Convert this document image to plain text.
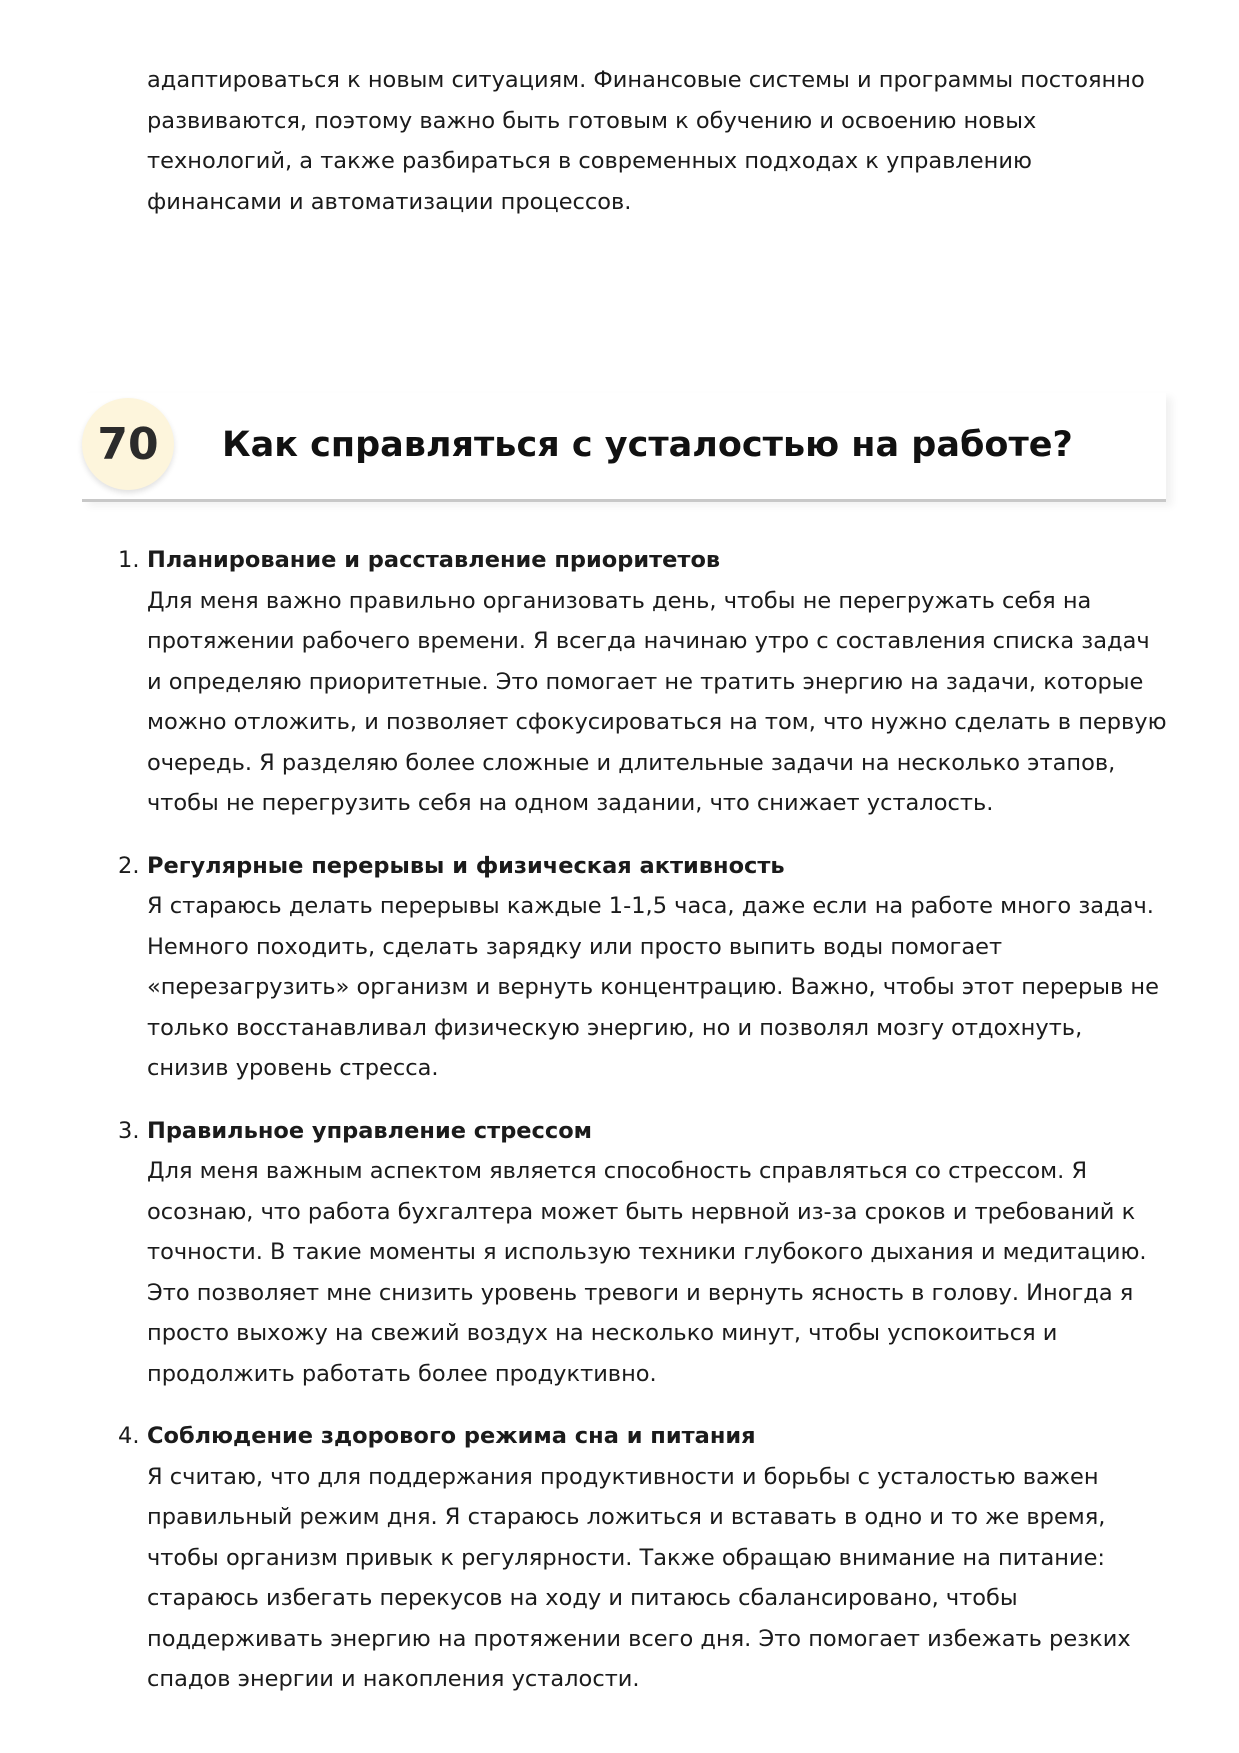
адаптироваться к новым ситуациям. Финансовые системы и программы постоянно развиваются, поэтому важно быть готовым к обучению и освоению новых технологий, а также разбираться в современных подходах к управлению финансами и автоматизации процессов.

70	Как справляться с усталостью на работе?
1. Планирование и расставление приоритетов

Для меня важно правильно организовать день, чтобы не перегружать себя на протяжении рабочего времени. Я всегда начинаю утро с составления списка задач и определяю приоритетные. Это помогает не тратить энергию на задачи, которые можно отложить, и позволяет сфокусироваться на том, что нужно сделать в первую очередь. Я разделяю более сложные и длительные задачи на несколько этапов, чтобы не перегрузить себя на одном задании, что снижает усталость.

2. Регулярные перерывы и физическая активность

Я стараюсь делать перерывы каждые 1-1,5 часа, даже если на работе много задач. Немного походить, сделать зарядку или просто выпить воды помогает «перезагрузить» организм и вернуть концентрацию. Важно, чтобы этот перерыв не только восстанавливал физическую энергию, но и позволял мозгу отдохнуть, снизив уровень стресса.

3. Правильное управление стрессом

Для меня важным аспектом является способность справляться со стрессом. Я осознаю, что работа бухгалтера может быть нервной из-за сроков и требований к точности. В такие моменты я использую техники глубокого дыхания и медитацию. Это позволяет мне снизить уровень тревоги и вернуть ясность в голову. Иногда я просто выхожу на свежий воздух на несколько минут, чтобы успокоиться и продолжить работать более продуктивно.

4. Соблюдение здорового режима сна и питания

Я считаю, что для поддержания продуктивности и борьбы с усталостью важен правильный режим дня. Я стараюсь ложиться и вставать в одно и то же время, чтобы организм привык к регулярности. Также обращаю внимание на питание: стараюсь избегать перекусов на ходу и питаюсь сбалансировано, чтобы поддерживать энергию на протяжении всего дня. Это помогает избежать резких спадов энергии и накопления усталости.
